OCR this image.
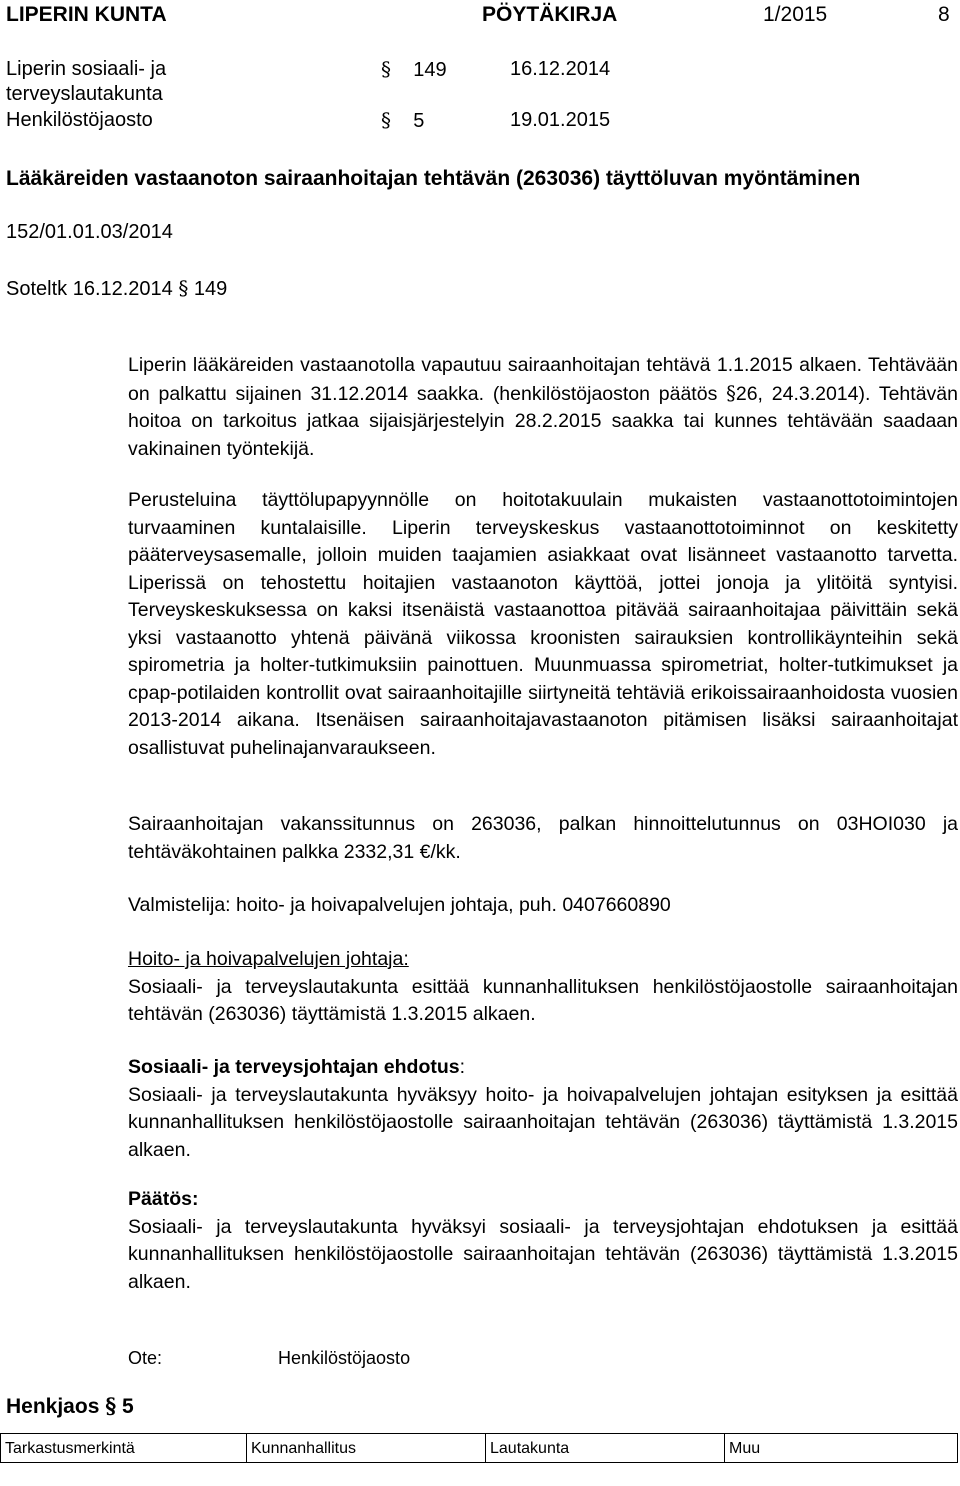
LIPERIN KUNTA	PÖYTÄKIRJA	1/2015	8
Liperin sosiaali- ja
terveyslautakunta
§ 149	16.12.2014
Henkilöstöjaosto	§ 5	19.01.2015
Lääkäreiden vastaanoton sairaanhoitajan tehtävän (263036) täyttöluvan myöntäminen
152/01.01.03/2014
Soteltk 16.12.2014 § 149
Liperin lääkäreiden vastaanotolla vapautuu sairaanhoitajan tehtävä 1.1.2015 alkaen. Tehtävään on palkattu sijainen 31.12.2014 saakka. (henkilöstöjaoston päätös §26, 24.3.2014). Tehtävän hoitoa on tarkoitus jatkaa sijaisjärjestelyin 28.2.2015 saakka tai kunnes tehtävään saadaan vakinainen työntekijä.
Perusteluina täyttölupapyynnölle on hoitotakuulain mukaisten vastaanottotoimintojen turvaaminen kuntalaisille. Liperin terveyskeskus vastaanottotoiminnot on keskitetty pääterveysasemalle, jolloin muiden taajamien asiakkaat ovat lisänneet vastaanotto tarvetta. Liperissä on tehostettu hoitajien vastaanoton käyttöä, jottei jonoja ja ylitöitä syntyisi. Terveyskeskuksessa on kaksi itsenäistä vastaanottoa pitävää sairaanhoitajaa päivittäin sekä yksi vastaanotto yhtenä päivänä viikossa kroonisten sairauksien kontrollikäynteihin sekä spirometria ja holter-tutkimuksiin painottuen. Muunmuassa spirometriat, holter-tutkimukset ja cpap-potilaiden kontrollit ovat sairaanhoitajille siirtyneitä tehtäviä erikoissairaanhoidosta vuosien 2013-2014 aikana. Itsenäisen sairaanhoitajavastaanoton pitämisen lisäksi sairaanhoitajat osallistuvat puhelinajanvaraukseen.
Sairaanhoitajan vakanssitunnus on 263036, palkan hinnoittelutunnus on 03HOI030 ja tehtäväkohtainen palkka 2332,31 €/kk.
Valmistelija: hoito- ja hoivapalvelujen johtaja, puh. 0407660890
Hoito- ja hoivapalvelujen johtaja:
Sosiaali- ja terveyslautakunta esittää kunnanhallituksen henkilöstöjaostolle sairaanhoitajan tehtävän (263036) täyttämistä 1.3.2015 alkaen.
Sosiaali- ja terveysjohtajan ehdotus:
Sosiaali- ja terveyslautakunta hyväksyy hoito- ja hoivapalvelujen johtajan esityksen ja esittää kunnanhallituksen henkilöstöjaostolle sairaanhoitajan tehtävän (263036) täyttämistä 1.3.2015 alkaen.
Päätös:
Sosiaali- ja terveyslautakunta hyväksyi sosiaali- ja terveysjohtajan ehdotuksen ja esittää kunnanhallituksen henkilöstöjaostolle sairaanhoitajan tehtävän (263036) täyttämistä 1.3.2015 alkaen.
Ote:	Henkilöstöjaosto
Henkjaos § 5
Tarkastusmerkintä	Kunnanhallitus	Lautakunta	Muu
